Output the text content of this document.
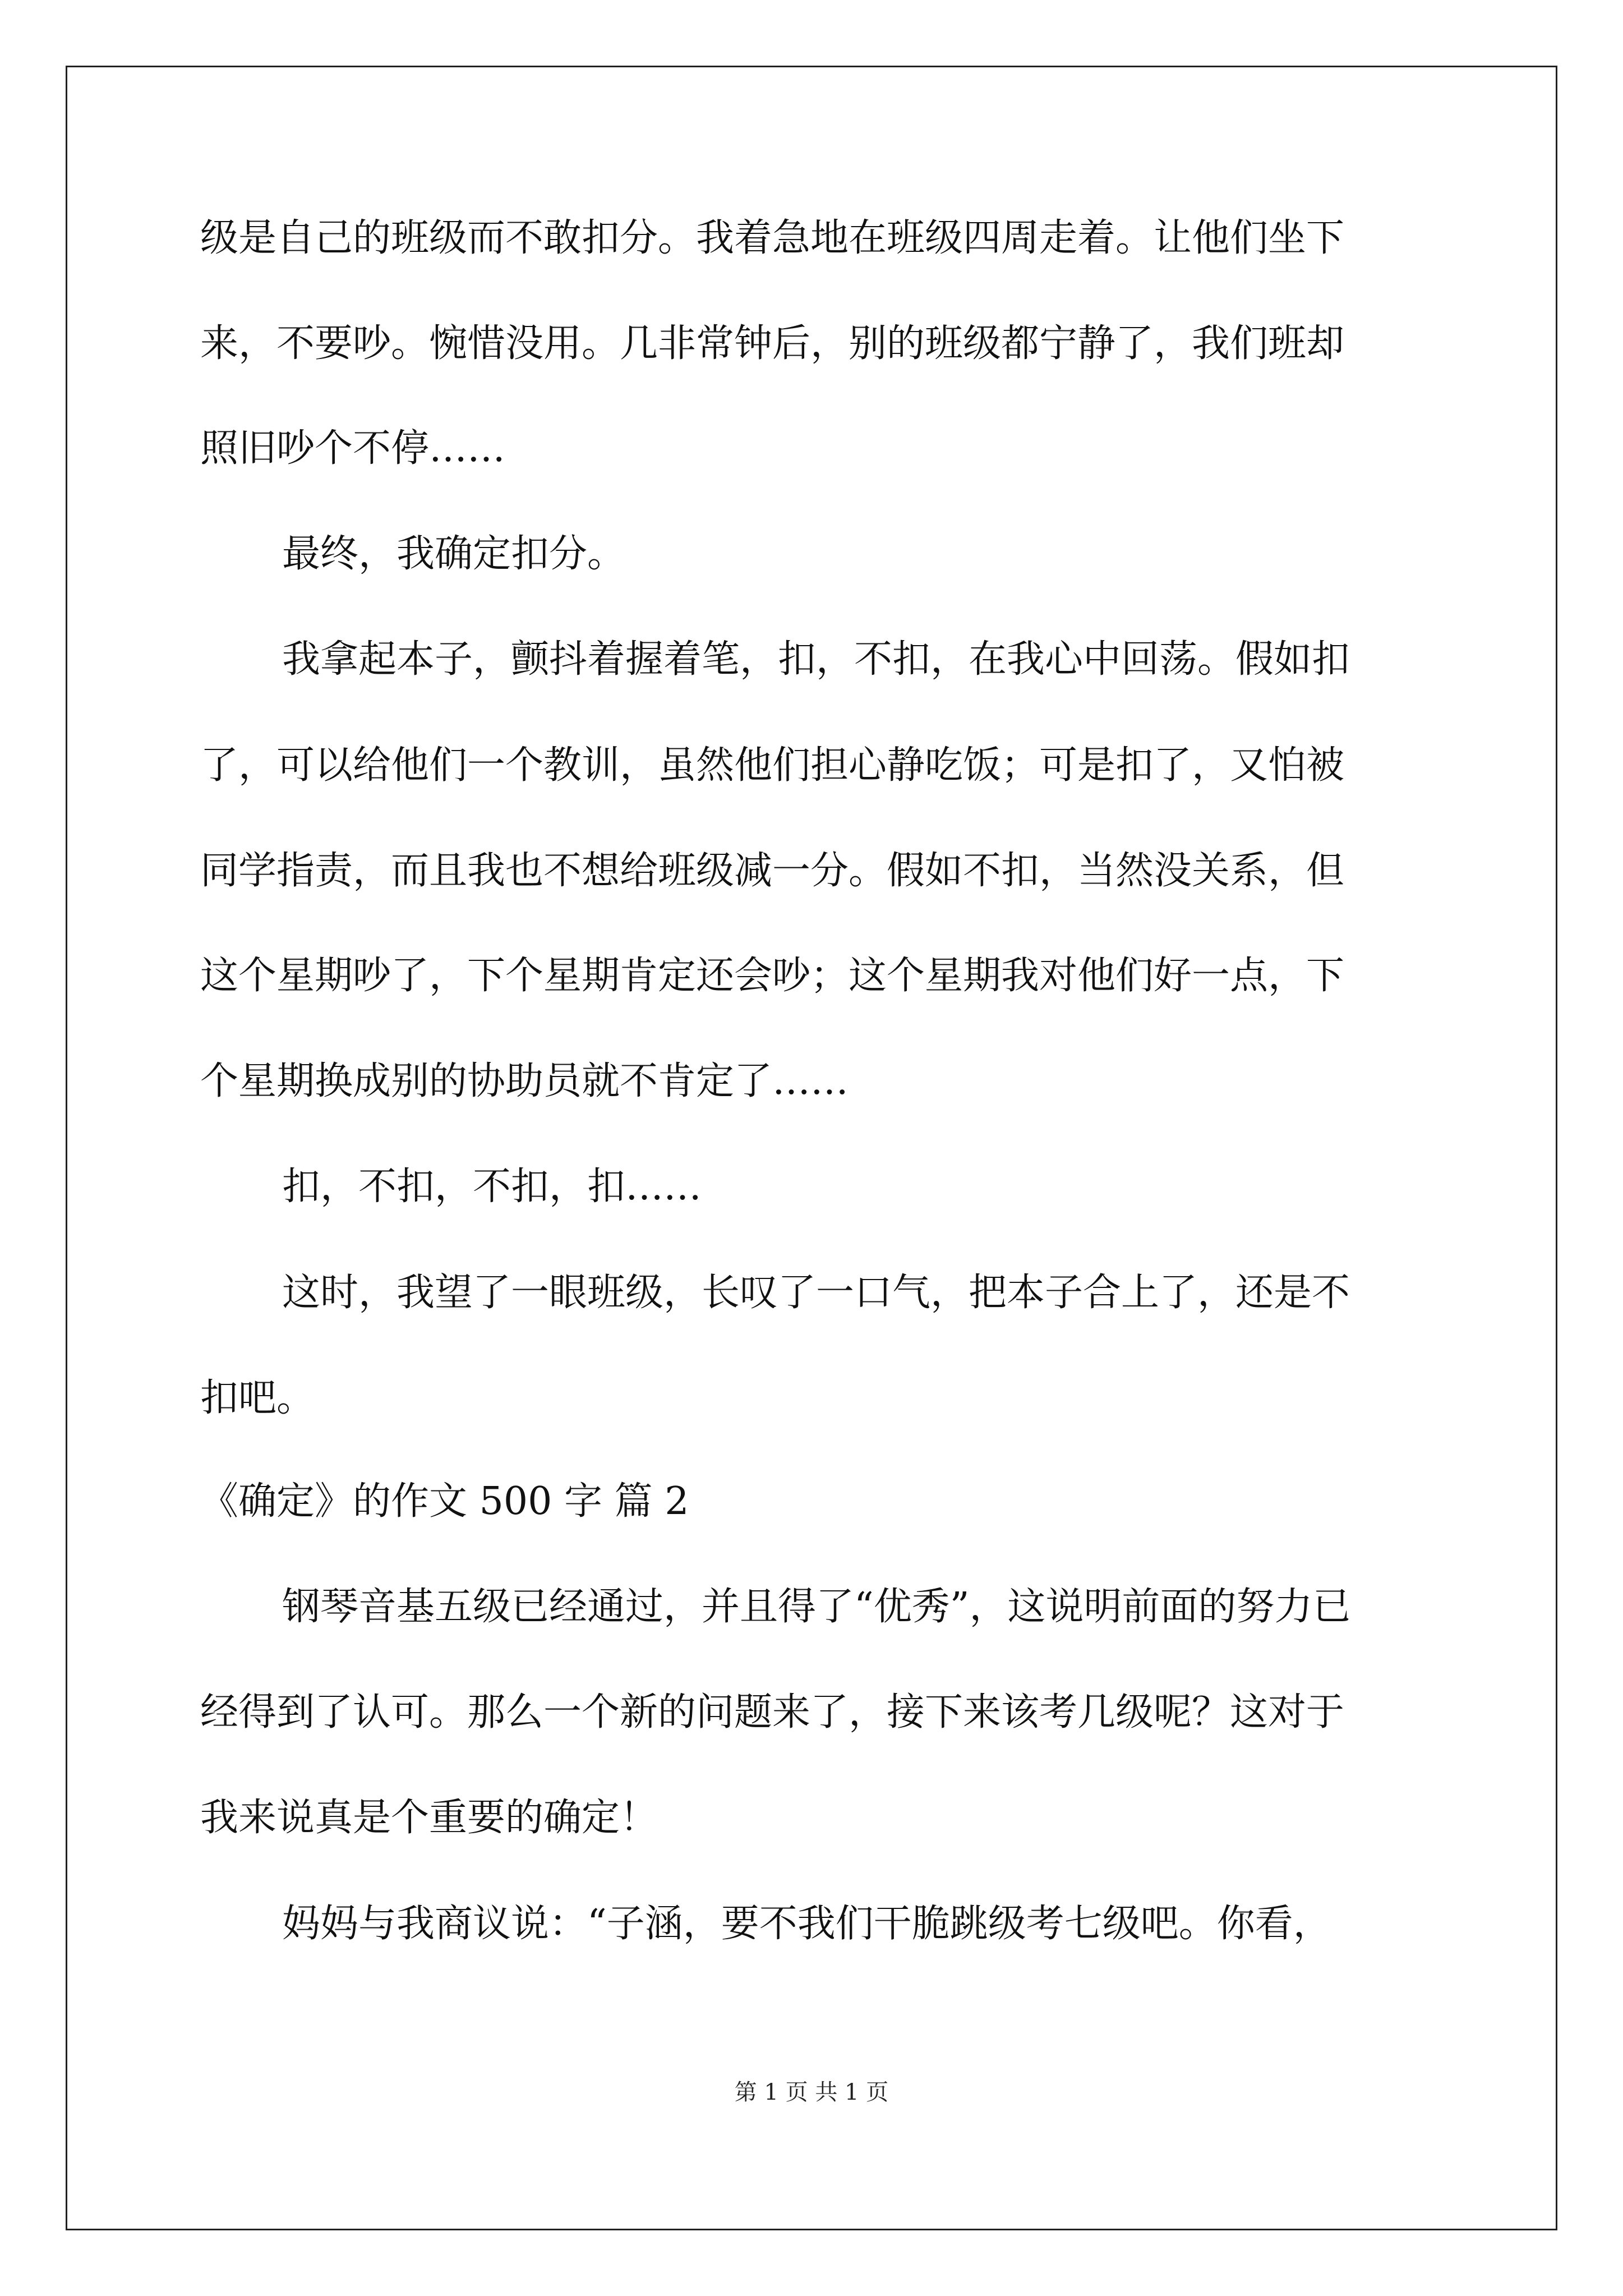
级是自己的班级而不敢扣分。我着急地在班级四周走着。让他们坐下
来，不要吵。惋惜没用。几非常钟后，别的班级都宁静了，我们班却
照旧吵个不停……
最终，我确定扣分。
我拿起本子，颤抖着握着笔，扣，不扣，在我心中回荡。假如扣
了，可以给他们一个教训，虽然他们担心静吃饭；可是扣了，又怕被
同学指责，而且我也不想给班级减一分。假如不扣，当然没关系，但
这个星期吵了，下个星期肯定还会吵；这个星期我对他们好一点，下
个星期换成别的协助员就不肯定了……
扣，不扣，不扣，扣……
这时，我望了一眼班级，长叹了一口气，把本子合上了，还是不
扣吧。
《确定》的作文 500 字 篇 2
钢琴音基五级已经通过，并且得了“优秀”，这说明前面的努力已
经得到了认可。那么一个新的问题来了，接下来该考几级呢？这对于
我来说真是个重要的确定！
妈妈与我商议说：“子涵，要不我们干脆跳级考七级吧。你看，
第 1 页 共 1 页
